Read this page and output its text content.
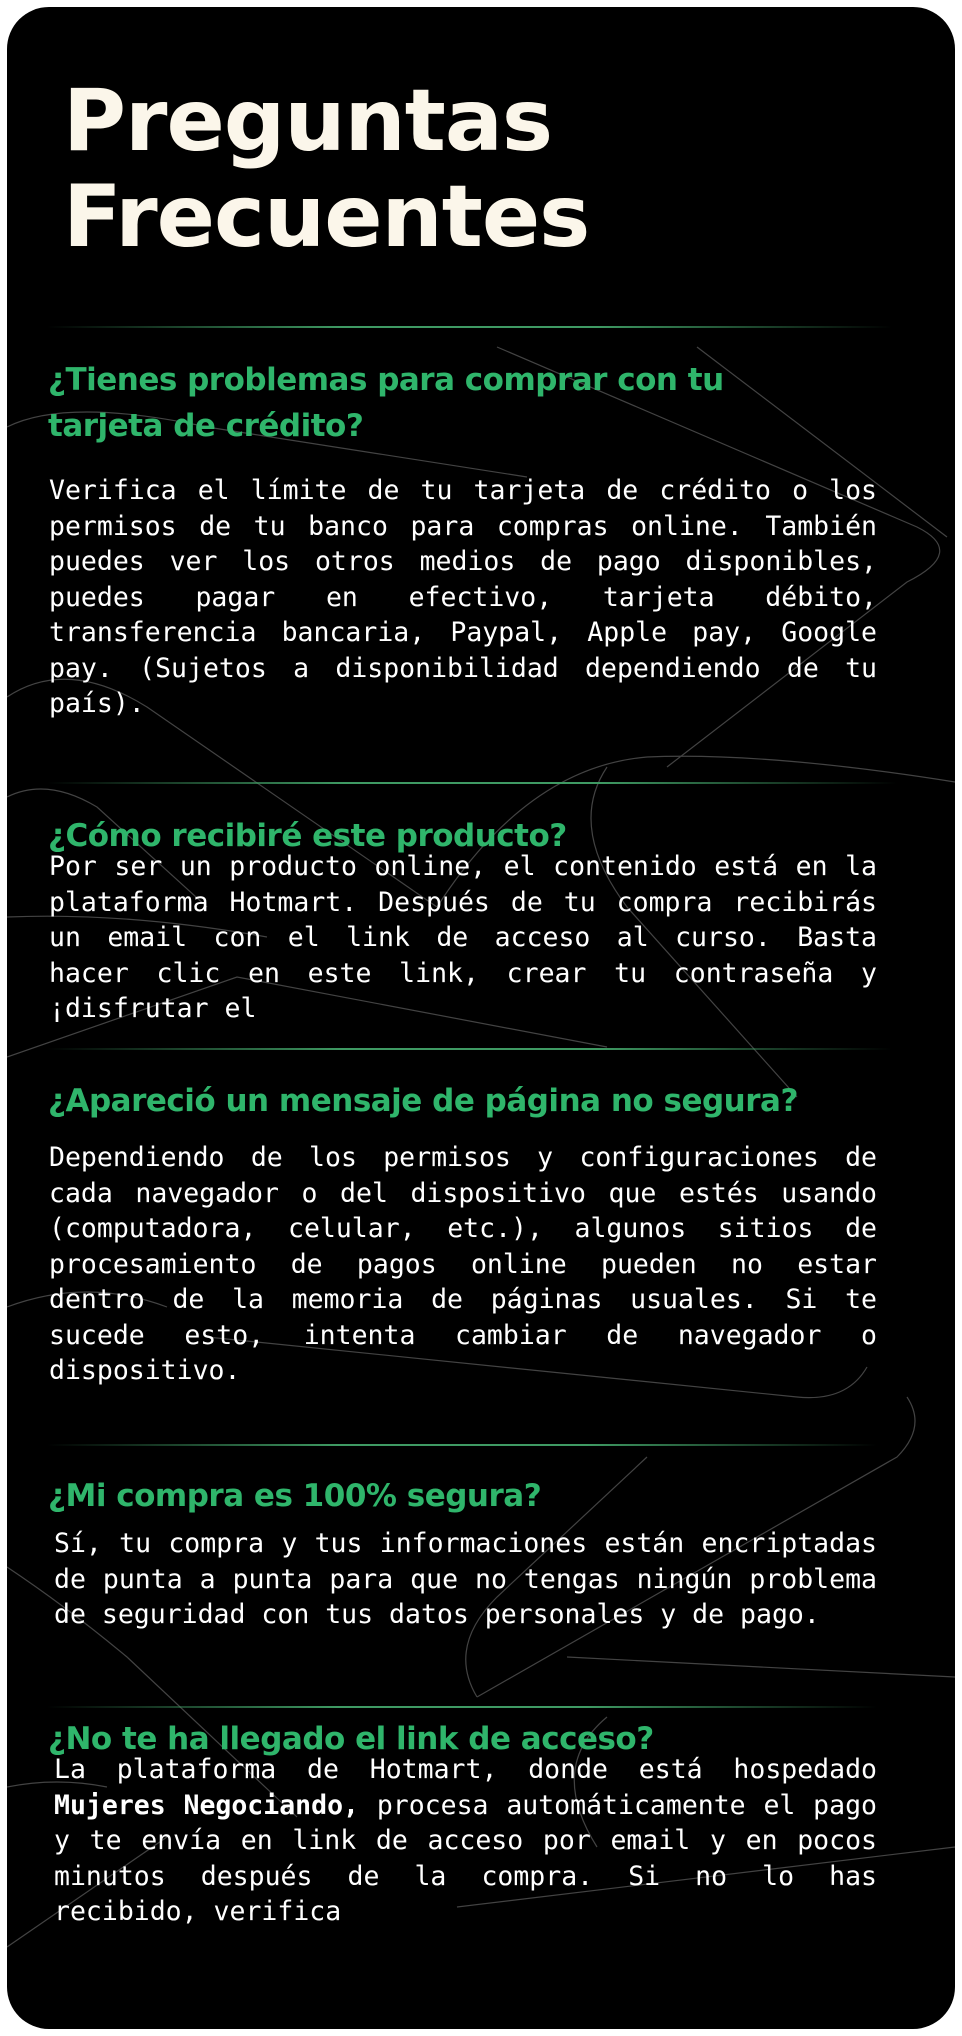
Preguntas
Frecuentes
¿Tienes problemas para comprar con tu tarjeta de crédito?

Verifica el límite de tu tarjeta de crédito o los permisos de tu banco para compras online. También puedes ver los otros medios de pago disponibles, puedes pagar en efectivo, tarjeta débito, transferencia bancaria, Paypal, Apple pay, Google pay. (Sujetos a disponibilidad dependiendo de tu país).

¿Cómo recibiré este producto?

Por ser un producto online, el contenido está en la plataforma Hotmart. Después de tu compra recibirás un email con el link de acceso al curso. Basta hacer clic en este link, crear tu contraseña y ¡disfrutar el

¿Apareció un mensaje de página no segura?

Dependiendo de los permisos y configuraciones de cada navegador o del dispositivo que estés usando (computadora, celular, etc.), algunos sitios de procesamiento de pagos online pueden no estar dentro de la memoria de páginas usuales. Si te sucede esto, intenta cambiar de navegador o dispositivo.

¿Mi compra es 100% segura?

Sí, tu compra y tus informaciones están encriptadas de punta a punta para que no tengas ningún problema de seguridad con tus datos personales y de pago.

¿No te ha llegado el link de acceso?

La plataforma de Hotmart, donde está hospedado Mujeres Negociando, procesa automáticamente el pago y te envía en link de acceso por email y en pocos minutos después de la compra. Si no lo has recibido, verifica
